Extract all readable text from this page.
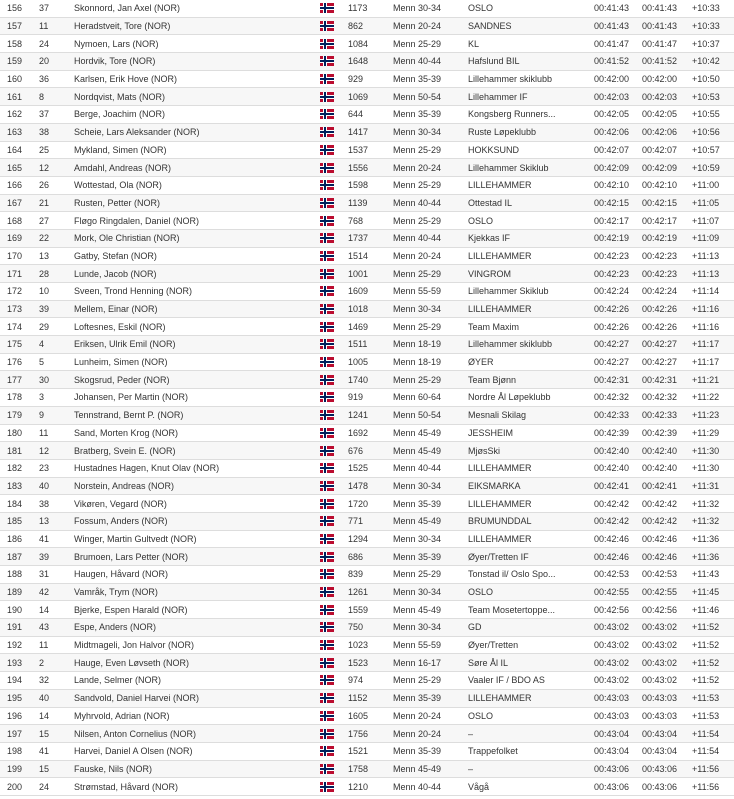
156	37	Skonnord, Jan Axel (NOR)	1173	Menn 30-34	OSLO	00:41:43	00:41:43	+10:33
157	11	Heradstveit, Tore (NOR)	862	Menn 20-24	SANDNES	00:41:43	00:41:43	+10:33
158	24	Nymoen, Lars (NOR)	1084	Menn 25-29	KL	00:41:47	00:41:47	+10:37
159	20	Hordvik, Tore (NOR)	1648	Menn 40-44	Hafslund BIL	00:41:52	00:41:52	+10:42
160	36	Karlsen, Erik Hove (NOR)	929	Menn 35-39	Lillehammer skiklubb	00:42:00	00:42:00	+10:50
161	8	Nordqvist, Mats (NOR)	1069	Menn 50-54	Lillehammer IF	00:42:03	00:42:03	+10:53
162	37	Berge, Joachim (NOR)	644	Menn 35-39	Kongsberg Runners...	00:42:05	00:42:05	+10:55
163	38	Scheie, Lars Aleksander (NOR)	1417	Menn 30-34	Ruste Løpeklubb	00:42:06	00:42:06	+10:56
164	25	Mykland, Simen (NOR)	1537	Menn 25-29	HOKKSUND	00:42:07	00:42:07	+10:57
165	12	Amdahl, Andreas (NOR)	1556	Menn 20-24	Lillehammer Skiklub	00:42:09	00:42:09	+10:59
166	26	Wottestad, Ola (NOR)	1598	Menn 25-29	LILLEHAMMER	00:42:10	00:42:10	+11:00
167	21	Rusten, Petter (NOR)	1139	Menn 40-44	Ottestad IL	00:42:15	00:42:15	+11:05
168	27	Fløgo Ringdalen, Daniel (NOR)	768	Menn 25-29	OSLO	00:42:17	00:42:17	+11:07
169	22	Mork, Ole Christian (NOR)	1737	Menn 40-44	Kjekkas IF	00:42:19	00:42:19	+11:09
170	13	Gatby, Stefan (NOR)	1514	Menn 20-24	LILLEHAMMER	00:42:23	00:42:23	+11:13
171	28	Lunde, Jacob (NOR)	1001	Menn 25-29	VINGROM	00:42:23	00:42:23	+11:13
172	10	Sveen, Trond Henning (NOR)	1609	Menn 55-59	Lillehammer Skiklub	00:42:24	00:42:24	+11:14
173	39	Mellem, Einar (NOR)	1018	Menn 30-34	LILLEHAMMER	00:42:26	00:42:26	+11:16
174	29	Loftesnes, Eskil (NOR)	1469	Menn 25-29	Team Maxim	00:42:26	00:42:26	+11:16
175	4	Eriksen, Ulrik Emil (NOR)	1511	Menn 18-19	Lillehammer skiklubb	00:42:27	00:42:27	+11:17
176	5	Lunheim, Simen (NOR)	1005	Menn 18-19	ØYER	00:42:27	00:42:27	+11:17
177	30	Skogsrud, Peder (NOR)	1740	Menn 25-29	Team Bjønn	00:42:31	00:42:31	+11:21
178	3	Johansen, Per Martin (NOR)	919	Menn 60-64	Nordre Ål Løpeklubb	00:42:32	00:42:32	+11:22
179	9	Tennstrand, Bernt P. (NOR)	1241	Menn 50-54	Mesnali Skilag	00:42:33	00:42:33	+11:23
180	11	Sand, Morten Krog (NOR)	1692	Menn 45-49	JESSHEIM	00:42:39	00:42:39	+11:29
181	12	Bratberg, Svein E. (NOR)	676	Menn 45-49	MjøsSki	00:42:40	00:42:40	+11:30
182	23	Hustadnes Hagen, Knut Olav (NOR)	1525	Menn 40-44	LILLEHAMMER	00:42:40	00:42:40	+11:30
183	40	Norstein, Andreas (NOR)	1478	Menn 30-34	EIKSMARKA	00:42:41	00:42:41	+11:31
184	38	Vikøren, Vegard (NOR)	1720	Menn 35-39	LILLEHAMMER	00:42:42	00:42:42	+11:32
185	13	Fossum, Anders (NOR)	771	Menn 45-49	BRUMUNDDAL	00:42:42	00:42:42	+11:32
186	41	Winger, Martin Gultvedt (NOR)	1294	Menn 30-34	LILLEHAMMER	00:42:46	00:42:46	+11:36
187	39	Brumoen, Lars Petter (NOR)	686	Menn 35-39	Øyer/Tretten IF	00:42:46	00:42:46	+11:36
188	31	Haugen, Håvard (NOR)	839	Menn 25-29	Tonstad il/ Oslo Spo...	00:42:53	00:42:53	+11:43
189	42	Vamråk, Trym (NOR)	1261	Menn 30-34	OSLO	00:42:55	00:42:55	+11:45
190	14	Bjerke, Espen Harald (NOR)	1559	Menn 45-49	Team Mosetertoppe...	00:42:56	00:42:56	+11:46
191	43	Espe, Anders (NOR)	750	Menn 30-34	GD	00:43:02	00:43:02	+11:52
192	11	Midtmageli, Jon Halvor (NOR)	1023	Menn 55-59	Øyer/Tretten	00:43:02	00:43:02	+11:52
193	2	Hauge, Even Løvseth (NOR)	1523	Menn 16-17	Søre Ål IL	00:43:02	00:43:02	+11:52
194	32	Lande, Selmer (NOR)	974	Menn 25-29	Vaaler IF / BDO AS	00:43:02	00:43:02	+11:52
195	40	Sandvold, Daniel Harvei (NOR)	1152	Menn 35-39	LILLEHAMMER	00:43:03	00:43:03	+11:53
196	14	Myhrvold, Adrian (NOR)	1605	Menn 20-24	OSLO	00:43:03	00:43:03	+11:53
197	15	Nilsen, Anton Cornelius (NOR)	1756	Menn 20-24	–	00:43:04	00:43:04	+11:54
198	41	Harvei, Daniel A Olsen (NOR)	1521	Menn 35-39	Trappefolket	00:43:04	00:43:04	+11:54
199	15	Fauske, Nils (NOR)	1758	Menn 45-49	–	00:43:06	00:43:06	+11:56
200	24	Strømstad, Håvard (NOR)	1210	Menn 40-44	Vågå	00:43:06	00:43:06	+11:56
